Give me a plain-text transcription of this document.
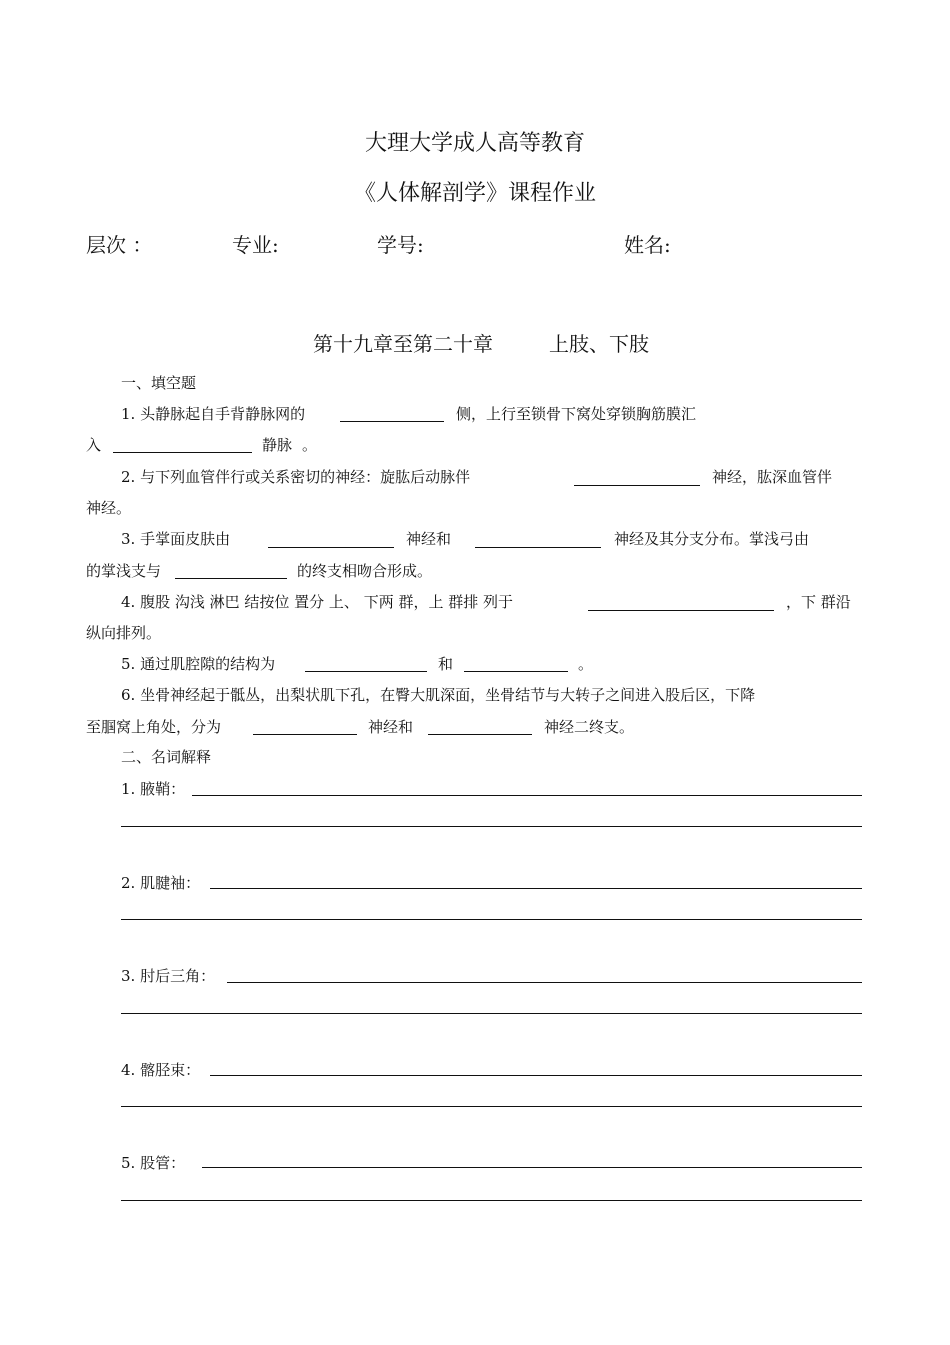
大理大学成人高等教育
《人体解剖学》课程作业
层次 ：	专业:	学号:	姓名:
第十九章至第二十章	上肢、下肢
一、填空题
1. 头静脉起自手背静脉网的	侧，上行至锁骨下窝处穿锁胸筋膜汇
入	静脉 。
2. 与下列血管伴行或关系密切的神经：旋肱后动脉伴	神经，肱深血管伴
神经。
3. 手掌面皮肤由	神经和	神经及其分支分布。掌浅弓由
的掌浅支与	的终支相吻合形成。
4. 腹股 沟浅 淋巴 结按位 置分 上、 下两 群，上 群排 列于	，下 群沿
纵向排列。
5. 通过肌腔隙的结构为	和	。
6. 坐骨神经起于骶丛，出梨状肌下孔，在臀大肌深面，坐骨结节与大转子之间进入股后区，下降
至腘窝上角处，分为	神经和	神经二终支。
二、名词解释
1. 腋鞘：
2. 肌腱袖：
3. 肘后三角：
4. 髂胫束：
5. 股管：
